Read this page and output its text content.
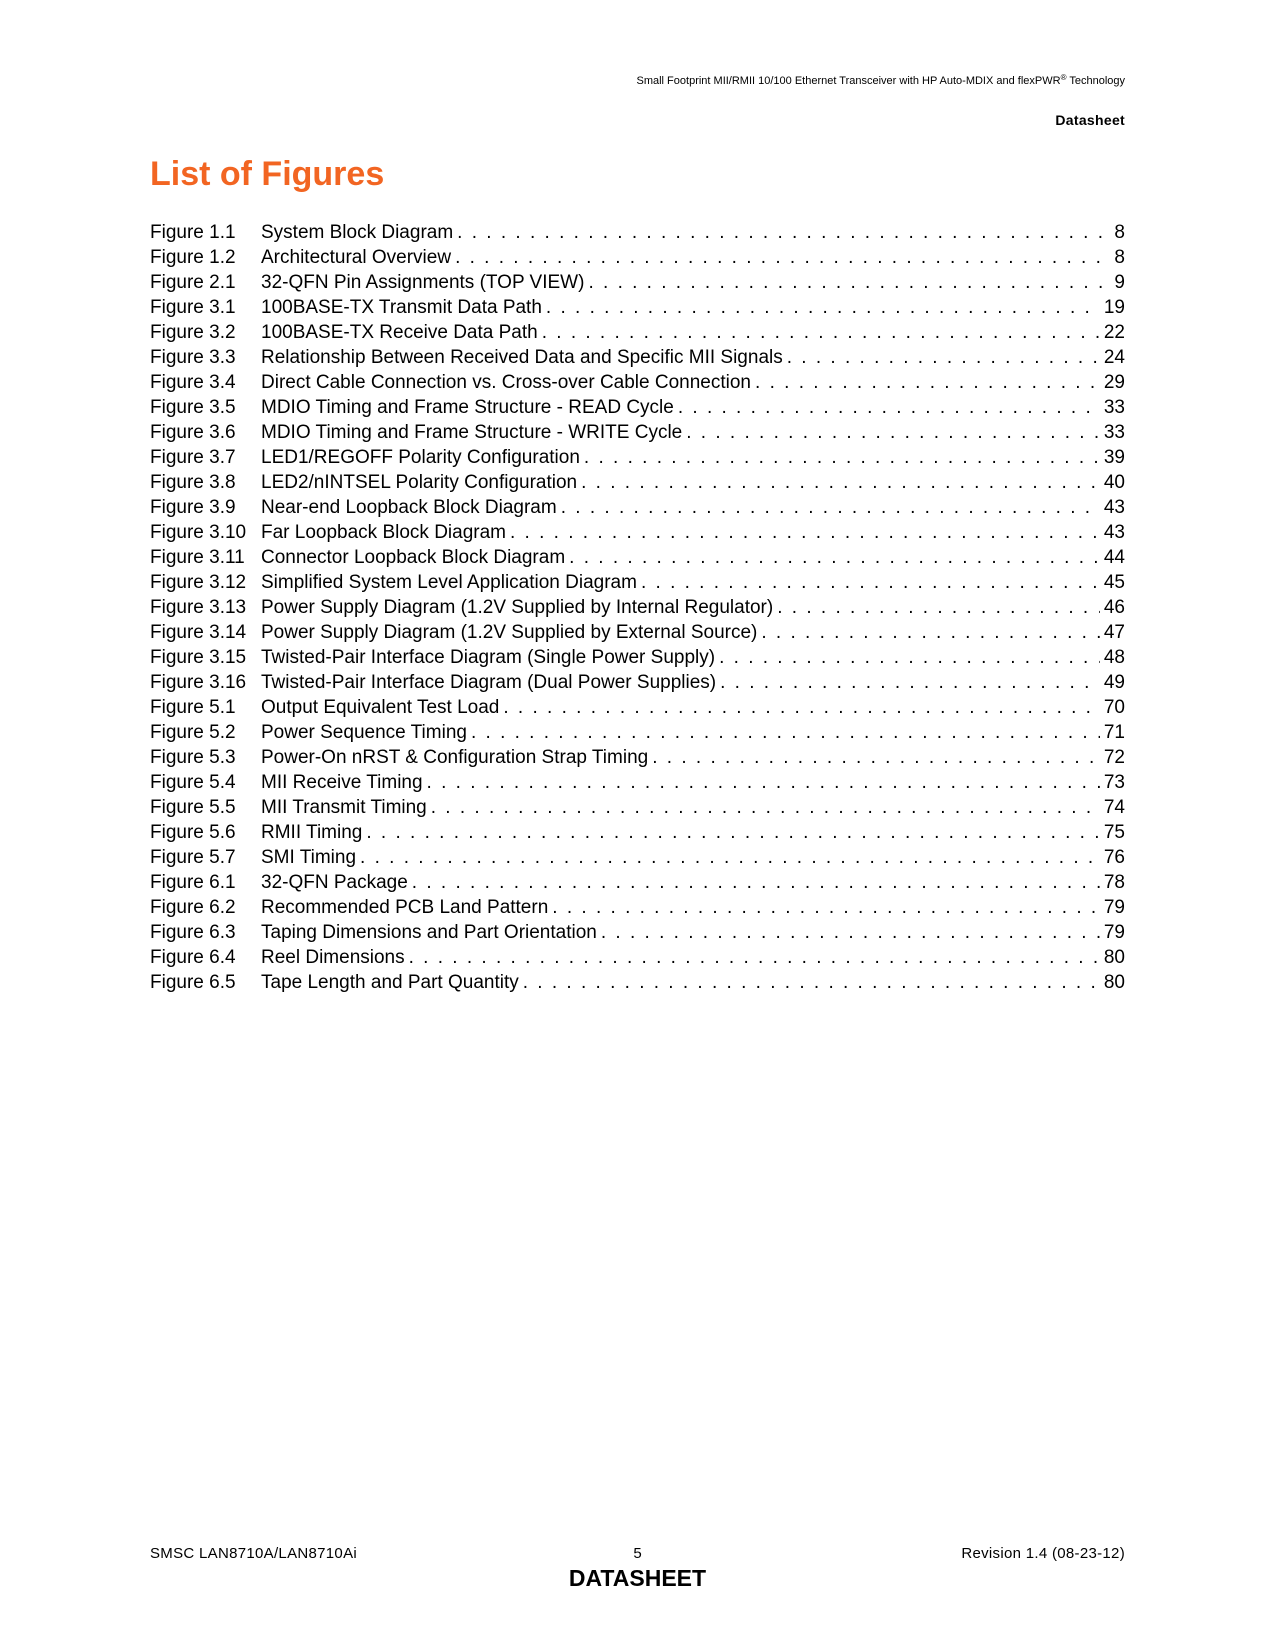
Small Footprint MII/RMII 10/100 Ethernet Transceiver with HP Auto-MDIX and flexPWR® Technology
Datasheet
List of Figures
Figure 1.1	System Block Diagram . . .	8
Figure 1.2	Architectural Overview . . .	8
Figure 2.1	32-QFN Pin Assignments (TOP VIEW) . . .	9
Figure 3.1	100BASE-TX Transmit Data Path . . .	19
Figure 3.2	100BASE-TX Receive Data Path . . .	22
Figure 3.3	Relationship Between Received Data and Specific MII Signals . . .	24
Figure 3.4	Direct Cable Connection vs. Cross-over Cable Connection . . .	29
Figure 3.5	MDIO Timing and Frame Structure - READ Cycle . . .	33
Figure 3.6	MDIO Timing and Frame Structure - WRITE Cycle . . .	33
Figure 3.7	LED1/REGOFF Polarity Configuration . . .	39
Figure 3.8	LED2/nINTSEL Polarity Configuration . . .	40
Figure 3.9	Near-end Loopback Block Diagram . . .	43
Figure 3.10 Far Loopback Block Diagram . . .	43
Figure 3.11 Connector Loopback Block Diagram . . .	44
Figure 3.12 Simplified System Level Application Diagram . . .	45
Figure 3.13 Power Supply Diagram (1.2V Supplied by Internal Regulator) . . .	46
Figure 3.14 Power Supply Diagram (1.2V Supplied by External Source) . . .	47
Figure 3.15 Twisted-Pair Interface Diagram (Single Power Supply) . . .	48
Figure 3.16 Twisted-Pair Interface Diagram (Dual Power Supplies) . . .	49
Figure 5.1	Output Equivalent Test Load . . .	70
Figure 5.2	Power Sequence Timing . . .	71
Figure 5.3	Power-On nRST & Configuration Strap Timing . . .	72
Figure 5.4	MII Receive Timing . . .	73
Figure 5.5	MII Transmit Timing . . .	74
Figure 5.6	RMII Timing . . .	75
Figure 5.7	SMI Timing . . .	76
Figure 6.1	32-QFN Package . . .	78
Figure 6.2	Recommended PCB Land Pattern . . .	79
Figure 6.3	Taping Dimensions and Part Orientation . . .	79
Figure 6.4	Reel Dimensions . . .	80
Figure 6.5	Tape Length and Part Quantity . . .	80
SMSC LAN8710A/LAN8710Ai	5	Revision 1.4 (08-23-12)
DATASHEET
